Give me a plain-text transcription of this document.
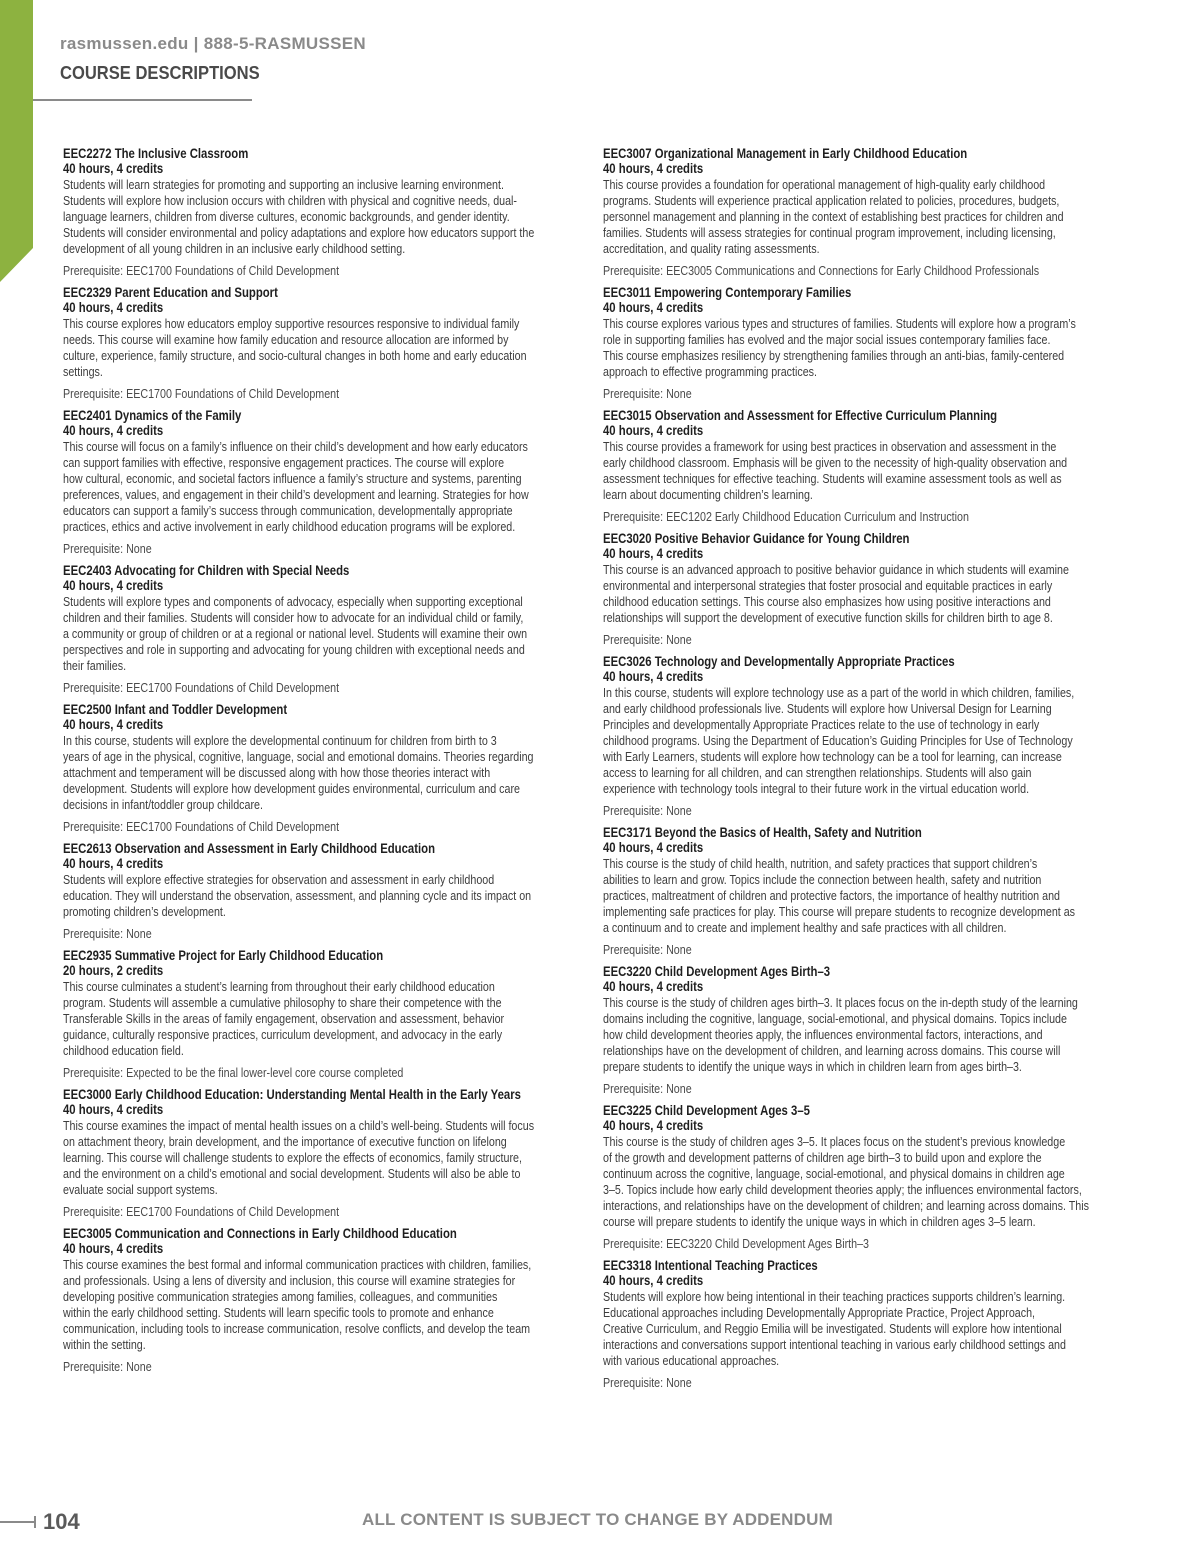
rasmussen.edu | 888-5-RASMUSSEN
COURSE DESCRIPTIONS
EEC2272 The Inclusive Classroom
40 hours, 4 credits
Students will learn strategies for promoting and supporting an inclusive learning environment.
Students will explore how inclusion occurs with children with physical and cognitive needs, dual-
language learners, children from diverse cultures, economic backgrounds, and gender identity.
Students will consider environmental and policy adaptations and explore how educators support the
development of all young children in an inclusive early childhood setting.
Prerequisite: EEC1700 Foundations of Child Development
EEC2329 Parent Education and Support
40 hours, 4 credits
This course explores how educators employ supportive resources responsive to individual family
needs. This course will examine how family education and resource allocation are informed by
culture, experience, family structure, and socio-cultural changes in both home and early education
settings.
Prerequisite: EEC1700 Foundations of Child Development
EEC2401 Dynamics of the Family
40 hours, 4 credits
This course will focus on a family’s influence on their child’s development and how early educators
can support families with effective, responsive engagement practices. The course will explore
how cultural, economic, and societal factors influence a family’s structure and systems, parenting
preferences, values, and engagement in their child’s development and learning. Strategies for how
educators can support a family’s success through communication, developmentally appropriate
practices, ethics and active involvement in early childhood education programs will be explored.
Prerequisite: None
EEC2403 Advocating for Children with Special Needs
40 hours, 4 credits
Students will explore types and components of advocacy, especially when supporting exceptional
children and their families. Students will consider how to advocate for an individual child or family,
a community or group of children or at a regional or national level. Students will examine their own
perspectives and role in supporting and advocating for young children with exceptional needs and
their families.
Prerequisite: EEC1700 Foundations of Child Development
EEC2500 Infant and Toddler Development
40 hours, 4 credits
In this course, students will explore the developmental continuum for children from birth to 3
years of age in the physical, cognitive, language, social and emotional domains. Theories regarding
attachment and temperament will be discussed along with how those theories interact with
development. Students will explore how development guides environmental, curriculum and care
decisions in infant/toddler group childcare.
Prerequisite: EEC1700 Foundations of Child Development
EEC2613 Observation and Assessment in Early Childhood Education
40 hours, 4 credits
Students will explore effective strategies for observation and assessment in early childhood
education. They will understand the observation, assessment, and planning cycle and its impact on
promoting children’s development.
Prerequisite: None
EEC2935 Summative Project for Early Childhood Education
20 hours, 2 credits
This course culminates a student’s learning from throughout their early childhood education
program. Students will assemble a cumulative philosophy to share their competence with the
Transferable Skills in the areas of family engagement, observation and assessment, behavior
guidance, culturally responsive practices, curriculum development, and advocacy in the early
childhood education field.
Prerequisite: Expected to be the final lower-level core course completed
EEC3000 Early Childhood Education: Understanding Mental Health in the Early Years
40 hours, 4 credits
This course examines the impact of mental health issues on a child’s well-being. Students will focus
on attachment theory, brain development, and the importance of executive function on lifelong
learning. This course will challenge students to explore the effects of economics, family structure,
and the environment on a child’s emotional and social development. Students will also be able to
evaluate social support systems.
Prerequisite: EEC1700 Foundations of Child Development
EEC3005 Communication and Connections in Early Childhood Education
40 hours, 4 credits
This course examines the best formal and informal communication practices with children, families,
and professionals. Using a lens of diversity and inclusion, this course will examine strategies for
developing positive communication strategies among families, colleagues, and communities
within the early childhood setting. Students will learn specific tools to promote and enhance
communication, including tools to increase communication, resolve conflicts, and develop the team
within the setting.
Prerequisite: None
EEC3007 Organizational Management in Early Childhood Education
40 hours, 4 credits
This course provides a foundation for operational management of high-quality early childhood
programs. Students will experience practical application related to policies, procedures, budgets,
personnel management and planning in the context of establishing best practices for children and
families. Students will assess strategies for continual program improvement, including licensing,
accreditation, and quality rating assessments.
Prerequisite: EEC3005 Communications and Connections for Early Childhood Professionals
EEC3011 Empowering Contemporary Families
40 hours, 4 credits
This course explores various types and structures of families. Students will explore how a program’s
role in supporting families has evolved and the major social issues contemporary families face.
This course emphasizes resiliency by strengthening families through an anti-bias, family-centered
approach to effective programming practices.
Prerequisite: None
EEC3015 Observation and Assessment for Effective Curriculum Planning
40 hours, 4 credits
This course provides a framework for using best practices in observation and assessment in the
early childhood classroom. Emphasis will be given to the necessity of high-quality observation and
assessment techniques for effective teaching. Students will examine assessment tools as well as
learn about documenting children’s learning.
Prerequisite: EEC1202 Early Childhood Education Curriculum and Instruction
EEC3020 Positive Behavior Guidance for Young Children
40 hours, 4 credits
This course is an advanced approach to positive behavior guidance in which students will examine
environmental and interpersonal strategies that foster prosocial and equitable practices in early
childhood education settings. This course also emphasizes how using positive interactions and
relationships will support the development of executive function skills for children birth to age 8.
Prerequisite: None
EEC3026 Technology and Developmentally Appropriate Practices
40 hours, 4 credits
In this course, students will explore technology use as a part of the world in which children, families,
and early childhood professionals live. Students will explore how Universal Design for Learning
Principles and developmentally Appropriate Practices relate to the use of technology in early
childhood programs. Using the Department of Education’s Guiding Principles for Use of Technology
with Early Learners, students will explore how technology can be a tool for learning, can increase
access to learning for all children, and can strengthen relationships. Students will also gain
experience with technology tools integral to their future work in the virtual education world.
Prerequisite: None
EEC3171 Beyond the Basics of Health, Safety and Nutrition
40 hours, 4 credits
This course is the study of child health, nutrition, and safety practices that support children’s
abilities to learn and grow. Topics include the connection between health, safety and nutrition
practices, maltreatment of children and protective factors, the importance of healthy nutrition and
implementing safe practices for play. This course will prepare students to recognize development as
a continuum and to create and implement healthy and safe practices with all children.
Prerequisite: None
EEC3220 Child Development Ages Birth–3
40 hours, 4 credits
This course is the study of children ages birth–3. It places focus on the in-depth study of the learning
domains including the cognitive, language, social-emotional, and physical domains. Topics include
how child development theories apply, the influences environmental factors, interactions, and
relationships have on the development of children, and learning across domains. This course will
prepare students to identify the unique ways in which in children learn from ages birth–3.
Prerequisite: None
EEC3225 Child Development Ages 3–5
40 hours, 4 credits
This course is the study of children ages 3–5. It places focus on the student’s previous knowledge
of the growth and development patterns of children age birth–3 to build upon and explore the
continuum across the cognitive, language, social-emotional, and physical domains in children age
3–5. Topics include how early child development theories apply; the influences environmental factors,
interactions, and relationships have on the development of children; and learning across domains. This
course will prepare students to identify the unique ways in which in children ages 3–5 learn.
Prerequisite: EEC3220 Child Development Ages Birth–3
EEC3318 Intentional Teaching Practices
40 hours, 4 credits
Students will explore how being intentional in their teaching practices supports children’s learning.
Educational approaches including Developmentally Appropriate Practice, Project Approach,
Creative Curriculum, and Reggio Emilia will be investigated. Students will explore how intentional
interactions and conversations support intentional teaching in various early childhood settings and
with various educational approaches.
Prerequisite: None
104	ALL CONTENT IS SUBJECT TO CHANGE BY ADDENDUM
